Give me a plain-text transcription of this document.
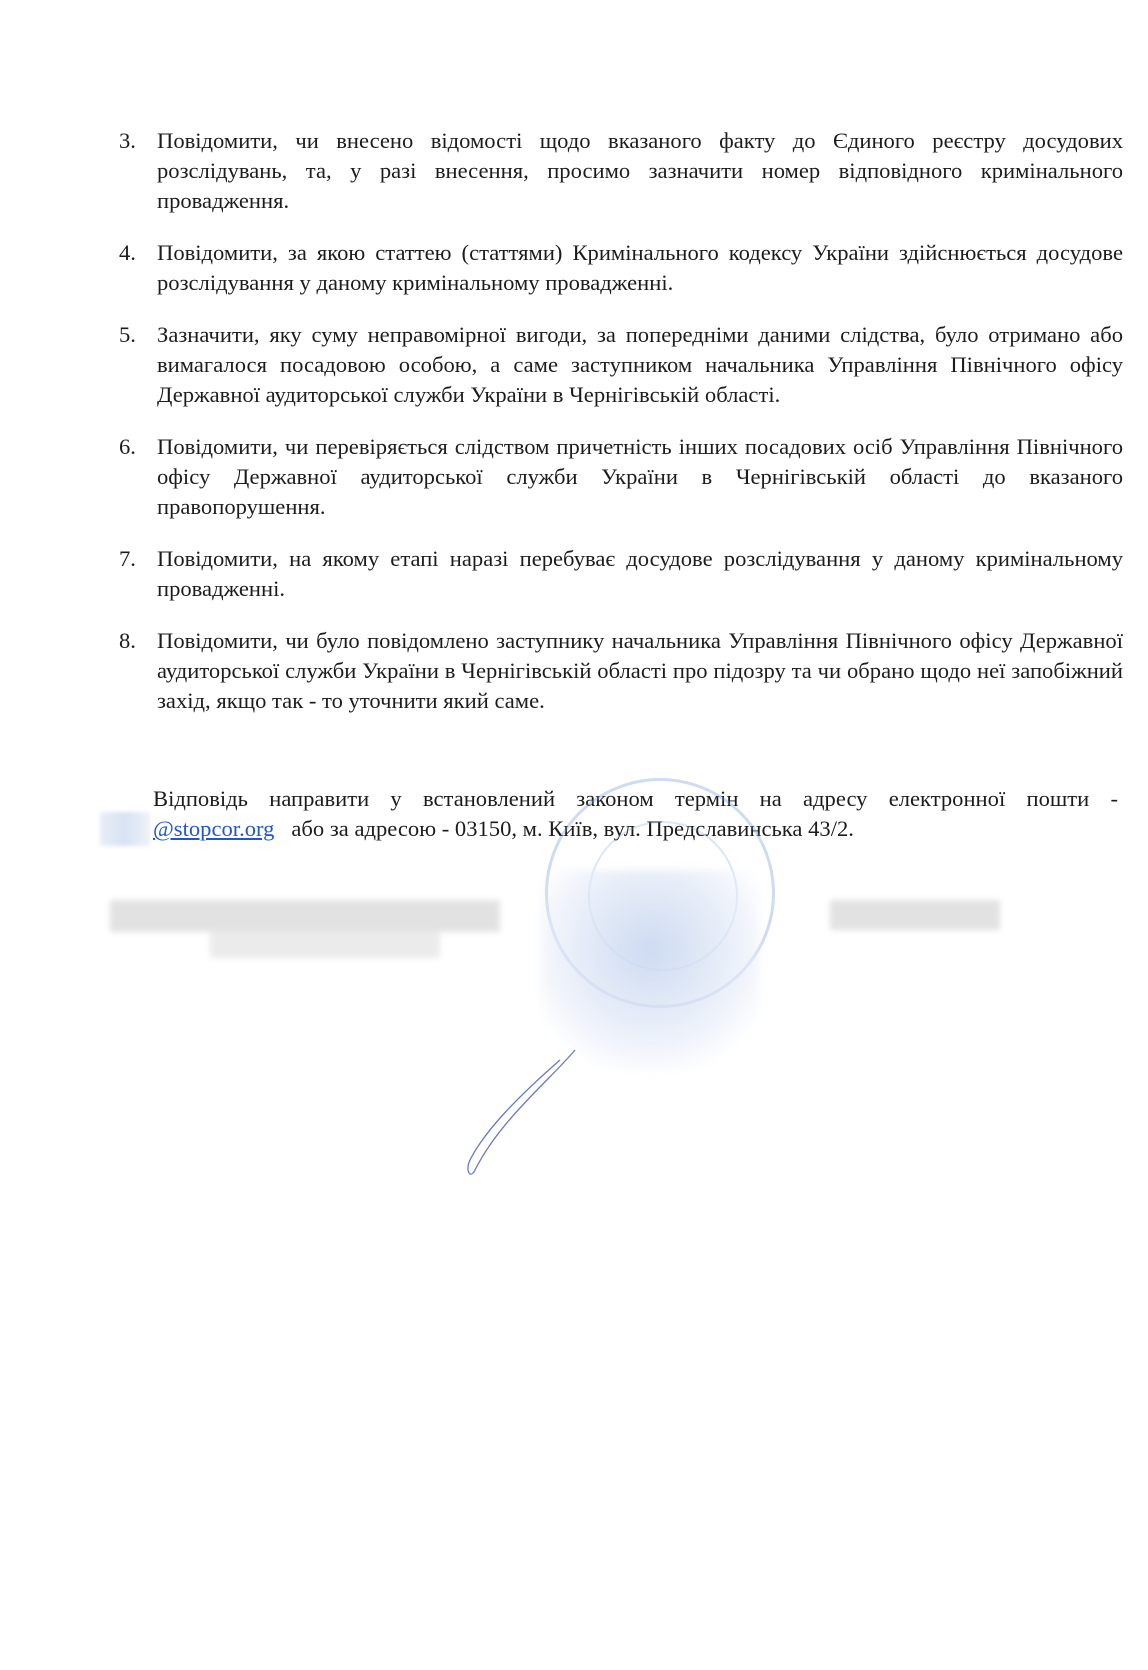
3. Повідомити, чи внесено відомості щодо вказаного факту до Єдиного реєстру досудових розслідувань, та, у разі внесення, просимо зазначити номер відповідного кримінального провадження.
4. Повідомити, за якою статтею (статтями) Кримінального кодексу України здійснюється досудове розслідування у даному кримінальному провадженні.
5. Зазначити, яку суму неправомірної вигоди, за попередніми даними слідства, було отримано або вимагалося посадовою особою, а саме заступником начальника Управління Північного офісу Державної аудиторської служби України в Чернігівській області.
6. Повідомити, чи перевіряється слідством причетність інших посадових осіб Управління Північного офісу Державної аудиторської служби України в Чернігівській області до вказаного правопорушення.
7. Повідомити, на якому етапі наразі перебуває досудове розслідування у даному кримінальному провадженні.
8. Повідомити, чи було повідомлено заступнику начальника Управління Північного офісу Державної аудиторської служби України в Чернігівській області про підозру та чи обрано щодо неї запобіжний захід, якщо так - то уточнити який саме.
Відповідь направити у встановлений законом термін на адресу електронної пошти -
@stopcor.org або за адресою - 03150, м. Київ, вул. Предславинська 43/2.
